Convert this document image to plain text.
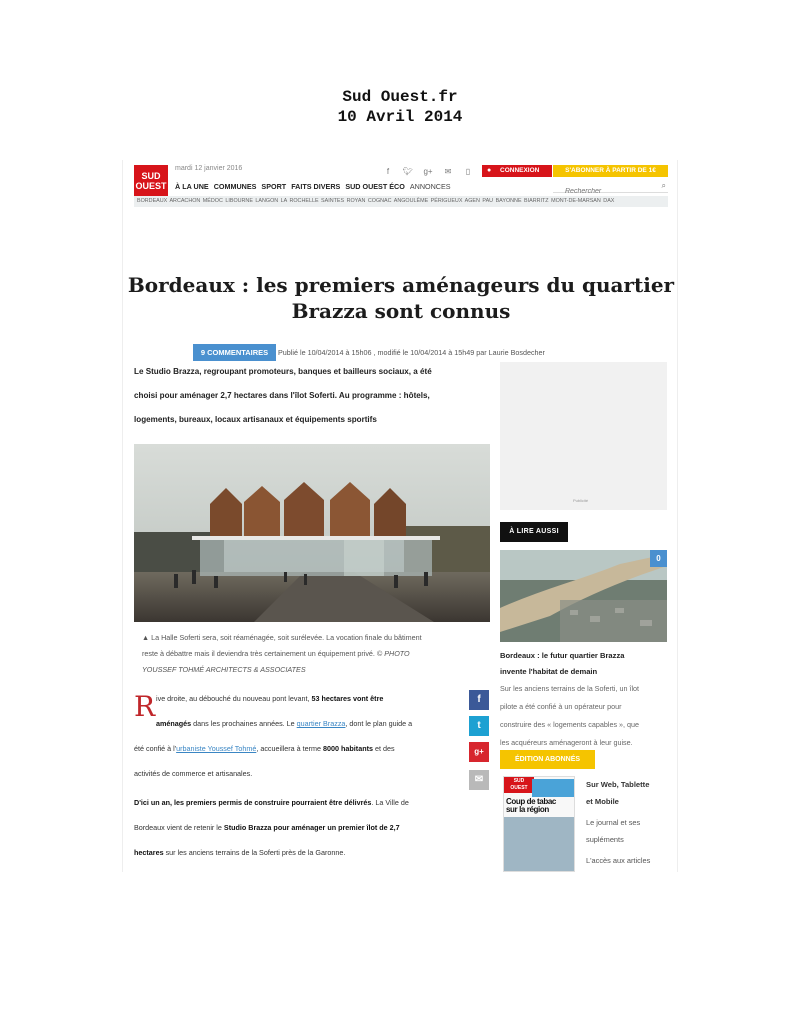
Sud Ouest.fr
10 Avril 2014
SUD
OUEST
mardi 12 janvier 2016	f	🐦︎	g+	✉	▯	● CONNEXION	S'ABONNER À PARTIR DE 1€
À LA UNE COMMUNES SPORT FAITS DIVERS SUD OUEST ÉCO ANNONCES
Rechercher	⌕
BORDEAUX ARCACHON MÉDOC LIBOURNE LANGON LA ROCHELLE SAINTES ROYAN COGNAC ANGOULÊME PÉRIGUEUX AGEN PAU BAYONNE BIARRITZ MONT-DE-MARSAN DAX
Bordeaux : les premiers aménageurs du quartier
Brazza sont connus
9 COMMENTAIRES	Publié le 10/04/2014 à 15h06 , modifié le 10/04/2014 à 15h49 par Laurie Bosdecher
Le Studio Brazza, regroupant promoteurs, banques et bailleurs sociaux, a été
choisi pour aménager 2,7 hectares dans l'îlot Soferti. Au programme : hôtels,
logements, bureaux, locaux artisanaux et équipements sportifs
▲ La Halle Soferti sera, soit réaménagée, soit surélevée. La vocation finale du bâtiment
reste à débattre mais il deviendra très certainement un équipement privé. © PHOTO
YOUSSEF TOHMÉ ARCHITECTS & ASSOCIATES
R ive droite, au débouché du nouveau pont levant, 53 hectares vont être
aménagés dans les prochaines années. Le quartier Brazza, dont le plan guide a
été confié à l'urbaniste Youssef Tohmé, accueillera à terme 8000 habitants et des
activités de commerce et artisanales.
D'ici un an, les premiers permis de construire pourraient être délivrés. La Ville de
Bordeaux vient de retenir le Studio Brazza pour aménager un premier îlot de 2,7
hectares sur les anciens terrains de la Soferti près de la Garonne.
f
t
g+
✉
Publicité
À LIRE AUSSI
0
Bordeaux : le futur quartier Brazza
invente l'habitat de demain
Sur les anciens terrains de la Soferti, un îlot
pilote a été confié à un opérateur pour
construire des « logements capables », que
les acquéreurs aménageront à leur guise.
ÉDITION ABONNÉS
SUD
OUEST
Coup de tabac
sur la région
Sur Web, Tablette
et Mobile
Le journal et ses
supléments
L'accès aux articles
